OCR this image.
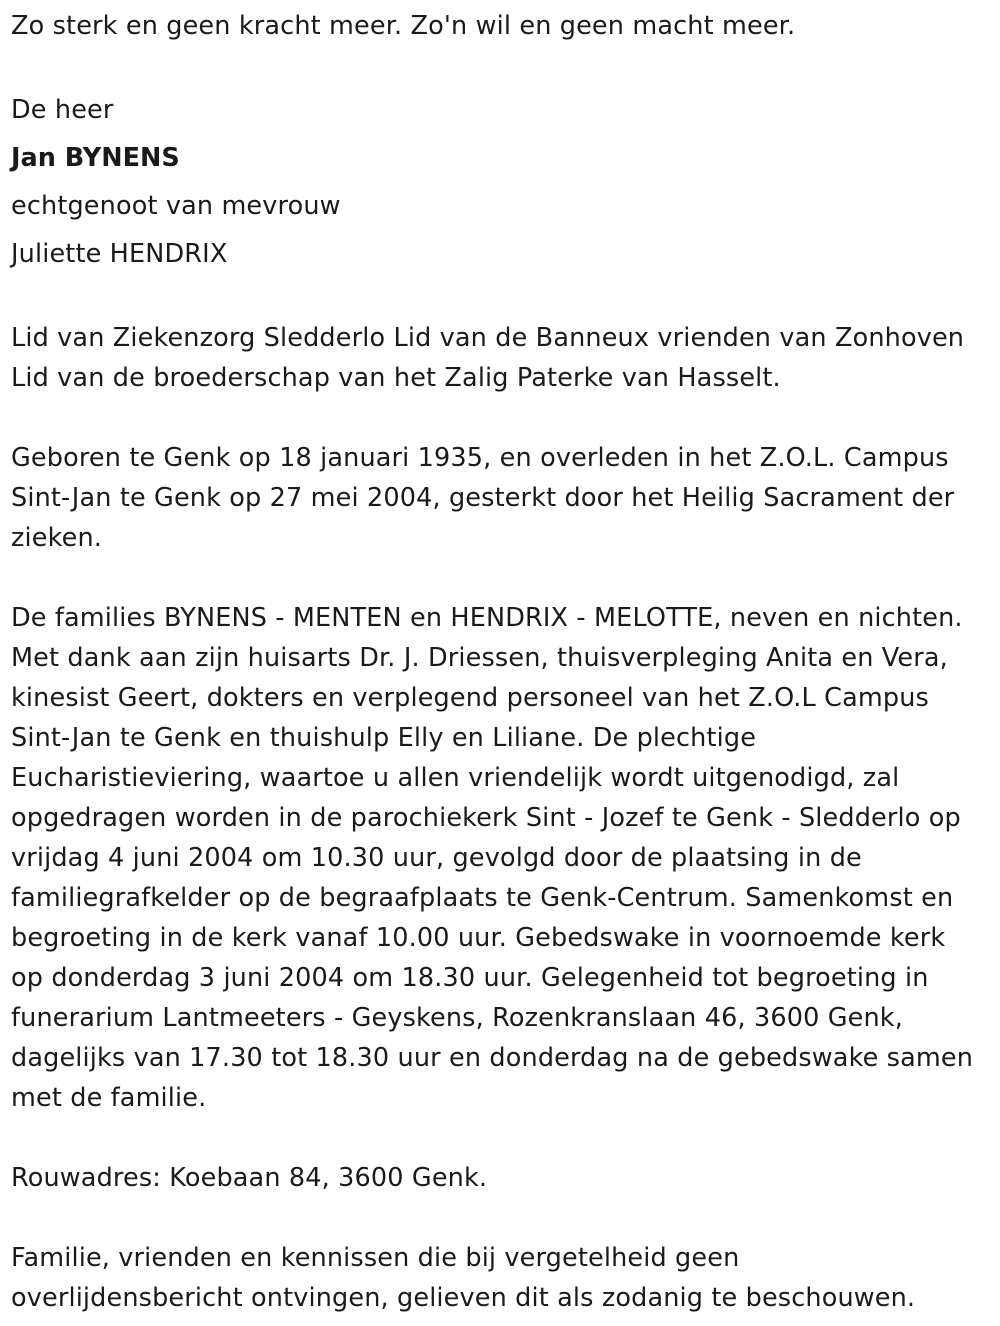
Zo sterk en geen kracht meer. Zo'n wil en geen macht meer.
De heer
Jan BYNENS
echtgenoot van mevrouw
Juliette HENDRIX

Lid van Ziekenzorg Sledderlo Lid van de Banneux vrienden van Zonhoven
Lid van de broederschap van het Zalig Paterke van Hasselt.

Geboren te Genk op 18 januari 1935, en overleden in het Z.O.L. Campus
Sint-Jan te Genk op 27 mei 2004, gesterkt door het Heilig Sacrament der
zieken.

De families BYNENS - MENTEN en HENDRIX - MELOTTE, neven en nichten.
Met dank aan zijn huisarts Dr. J. Driessen, thuisverpleging Anita en Vera,
kinesist Geert, dokters en verplegend personeel van het Z.O.L Campus
Sint-Jan te Genk en thuishulp Elly en Liliane. De plechtige
Eucharistieviering, waartoe u allen vriendelijk wordt uitgenodigd, zal
opgedragen worden in de parochiekerk Sint - Jozef te Genk - Sledderlo op
vrijdag 4 juni 2004 om 10.30 uur, gevolgd door de plaatsing in de
familiegrafkelder op de begraafplaats te Genk-Centrum. Samenkomst en
begroeting in de kerk vanaf 10.00 uur. Gebedswake in voornoemde kerk
op donderdag 3 juni 2004 om 18.30 uur. Gelegenheid tot begroeting in
funerarium Lantmeeters - Geyskens, Rozenkranslaan 46, 3600 Genk,
dagelijks van 17.30 tot 18.30 uur en donderdag na de gebedswake samen
met de familie.

Rouwadres: Koebaan 84, 3600 Genk.

Familie, vrienden en kennissen die bij vergetelheid geen
overlijdensbericht ontvingen, gelieven dit als zodanig te beschouwen.
